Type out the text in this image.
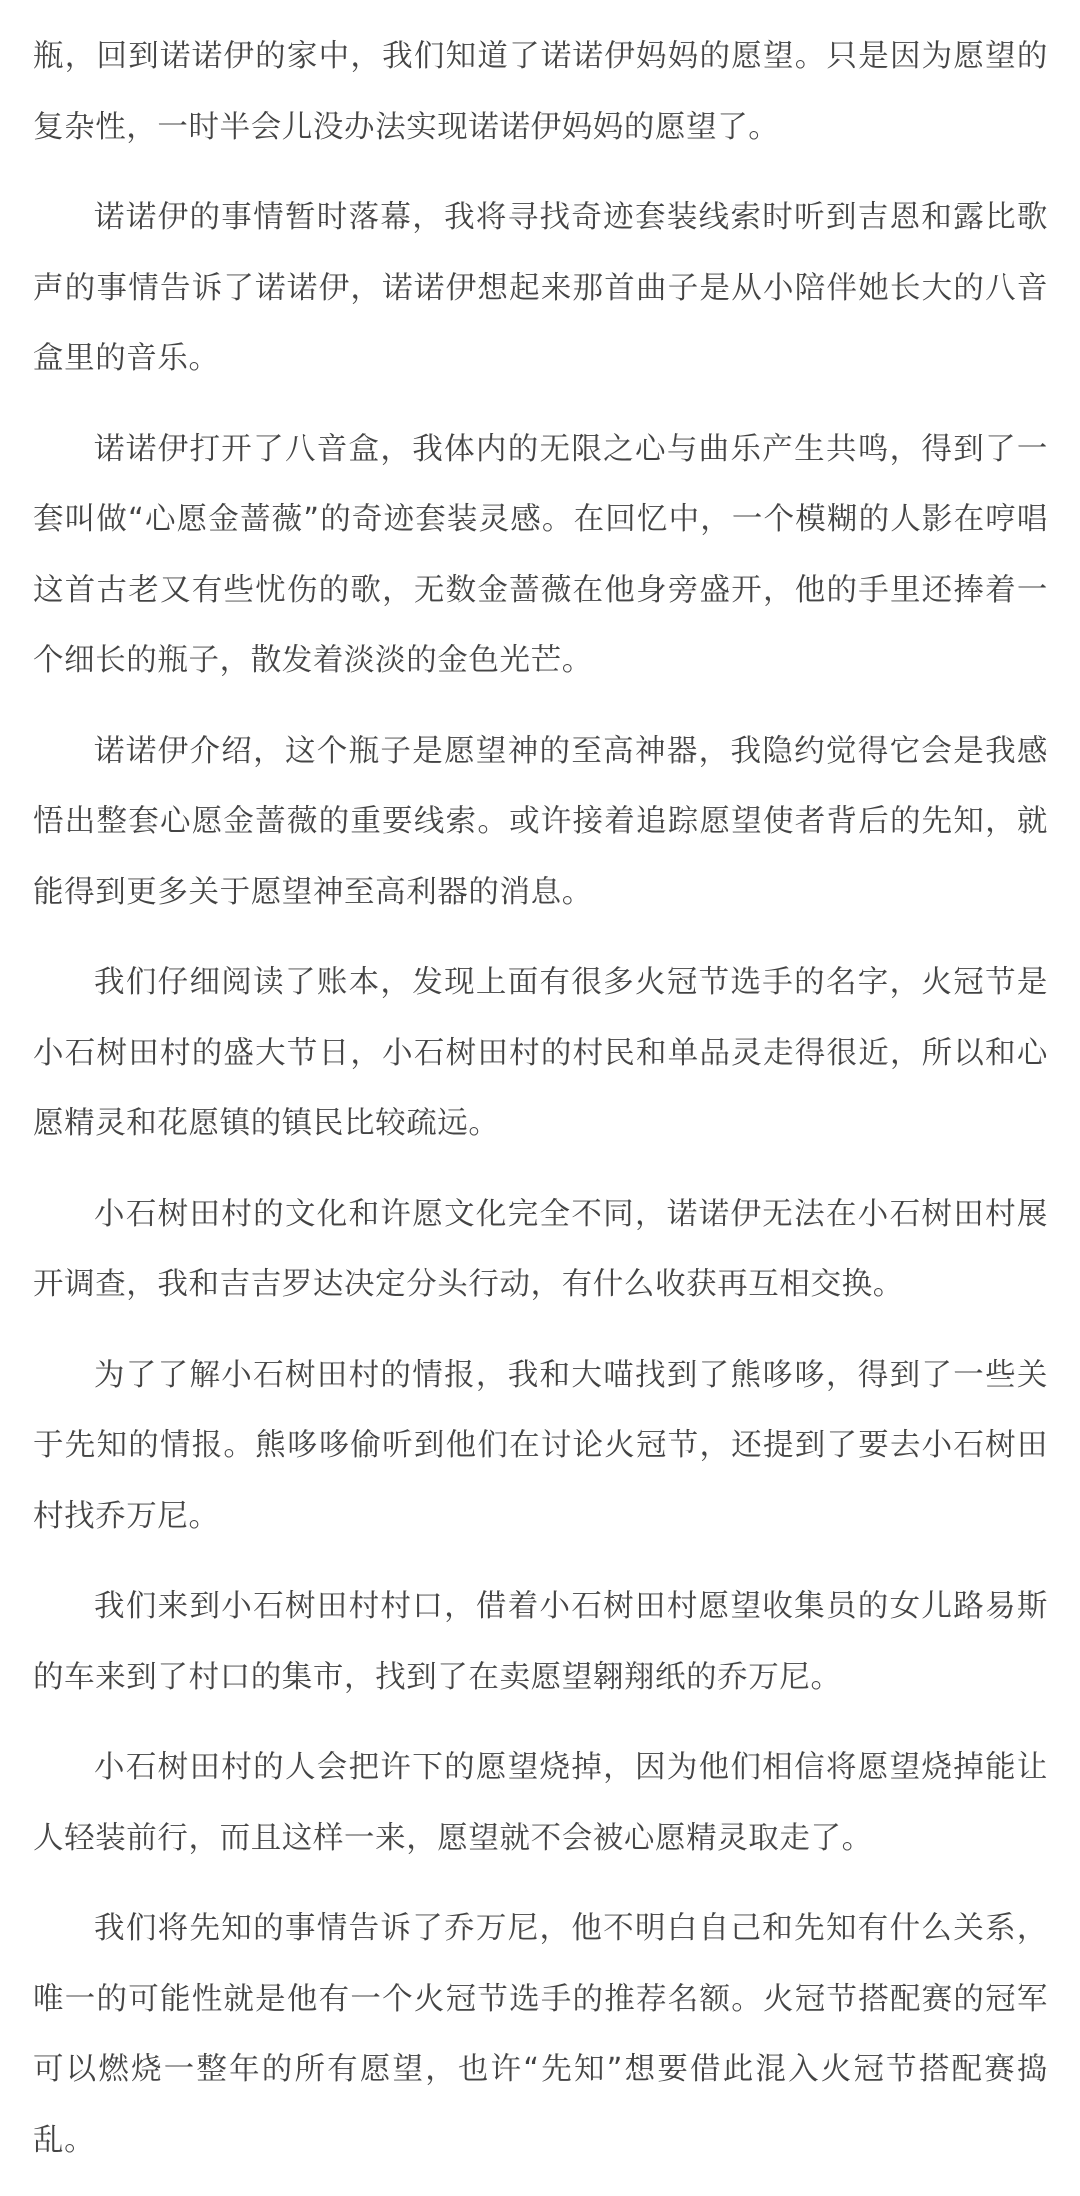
瓶，回到诺诺伊的家中，我们知道了诺诺伊妈妈的愿望。只是因为愿望的复杂性，一时半会儿没办法实现诺诺伊妈妈的愿望了。

诺诺伊的事情暂时落幕，我将寻找奇迹套装线索时听到吉恩和露比歌声的事情告诉了诺诺伊，诺诺伊想起来那首曲子是从小陪伴她长大的八音盒里的音乐。

诺诺伊打开了八音盒，我体内的无限之心与曲乐产生共鸣，得到了一套叫做“心愿金蔷薇”的奇迹套装灵感。在回忆中，一个模糊的人影在哼唱这首古老又有些忧伤的歌，无数金蔷薇在他身旁盛开，他的手里还捧着一个细长的瓶子，散发着淡淡的金色光芒。

诺诺伊介绍，这个瓶子是愿望神的至高神器，我隐约觉得它会是我感悟出整套心愿金蔷薇的重要线索。或许接着追踪愿望使者背后的先知，就能得到更多关于愿望神至高利器的消息。

我们仔细阅读了账本，发现上面有很多火冠节选手的名字，火冠节是小石树田村的盛大节日，小石树田村的村民和单品灵走得很近，所以和心愿精灵和花愿镇的镇民比较疏远。

小石树田村的文化和许愿文化完全不同，诺诺伊无法在小石树田村展开调查，我和吉吉罗达决定分头行动，有什么收获再互相交换。

为了了解小石树田村的情报，我和大喵找到了熊哆哆，得到了一些关于先知的情报。熊哆哆偷听到他们在讨论火冠节，还提到了要去小石树田村找乔万尼。

我们来到小石树田村村口，借着小石树田村愿望收集员的女儿路易斯的车来到了村口的集市，找到了在卖愿望翱翔纸的乔万尼。

小石树田村的人会把许下的愿望烧掉，因为他们相信将愿望烧掉能让人轻装前行，而且这样一来，愿望就不会被心愿精灵取走了。

我们将先知的事情告诉了乔万尼，他不明白自己和先知有什么关系，唯一的可能性就是他有一个火冠节选手的推荐名额。火冠节搭配赛的冠军可以燃烧一整年的所有愿望，也许“先知”想要借此混入火冠节搭配赛捣乱。
